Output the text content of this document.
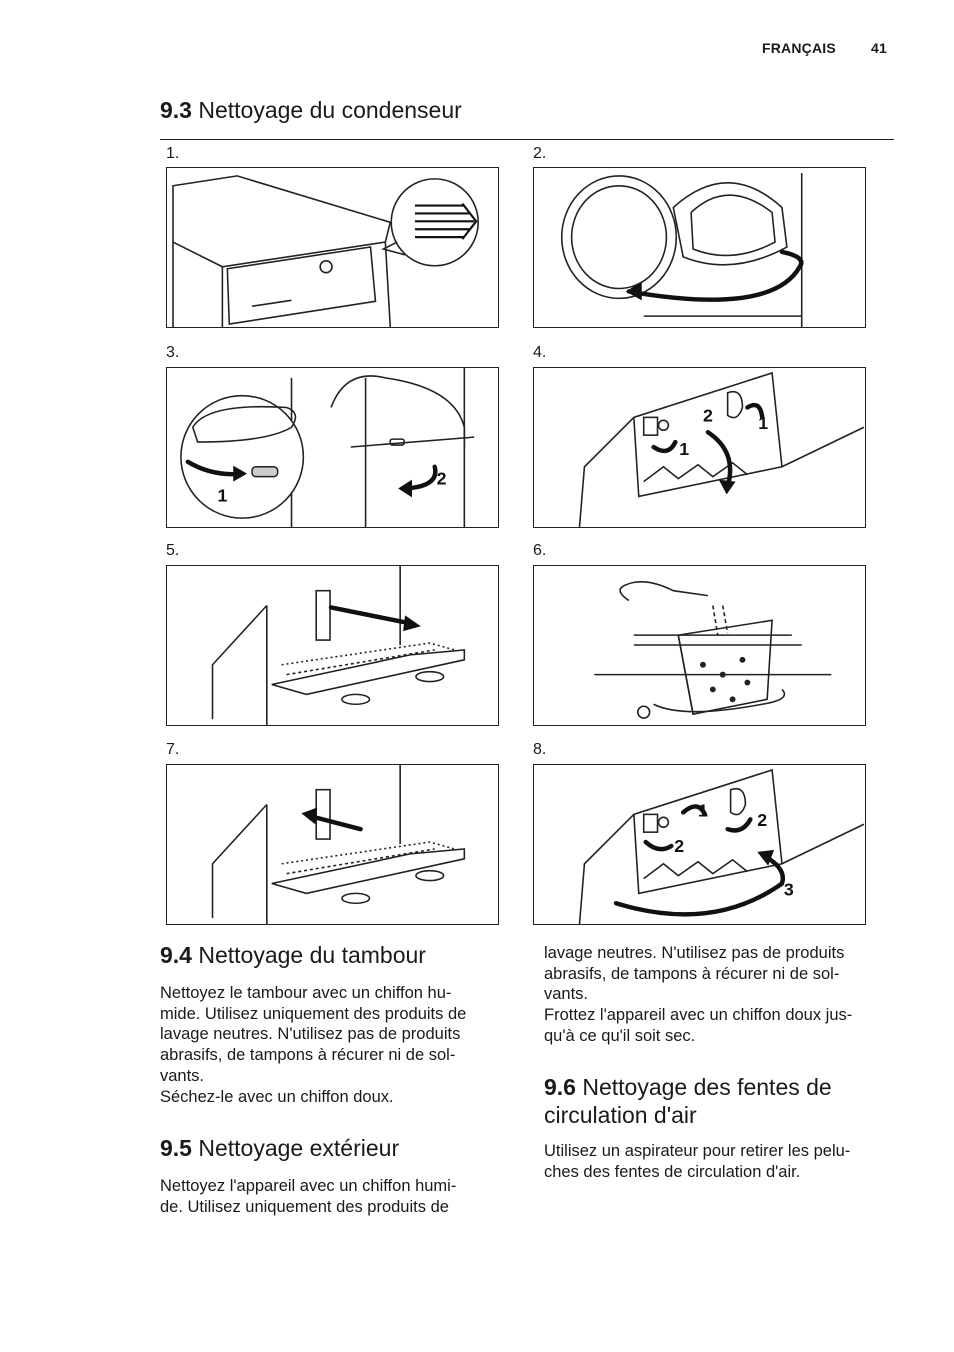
FRANÇAIS	41
9.3 Nettoyage du condenseur
1.	2.
3.	4.
5.	6.
7.	8.
1
2
2
1
1
3
1	2
2
9.4 Nettoyage du tambour

Nettoyez le tambour avec un chiffon hu-
mide. Utilisez uniquement des produits de
lavage neutres. N'utilisez pas de produits
abrasifs, de tampons à récurer ni de sol-
vants.
Séchez-le avec un chiffon doux.

9.5 Nettoyage extérieur

Nettoyez l'appareil avec un chiffon humi-
de. Utilisez uniquement des produits de

lavage neutres. N'utilisez pas de produits
abrasifs, de tampons à récurer ni de sol-
vants.
Frottez l'appareil avec un chiffon doux jus-
qu'à ce qu'il soit sec.

9.6 Nettoyage des fentes de
circulation d'air

Utilisez un aspirateur pour retirer les pelu-
ches des fentes de circulation d'air.
